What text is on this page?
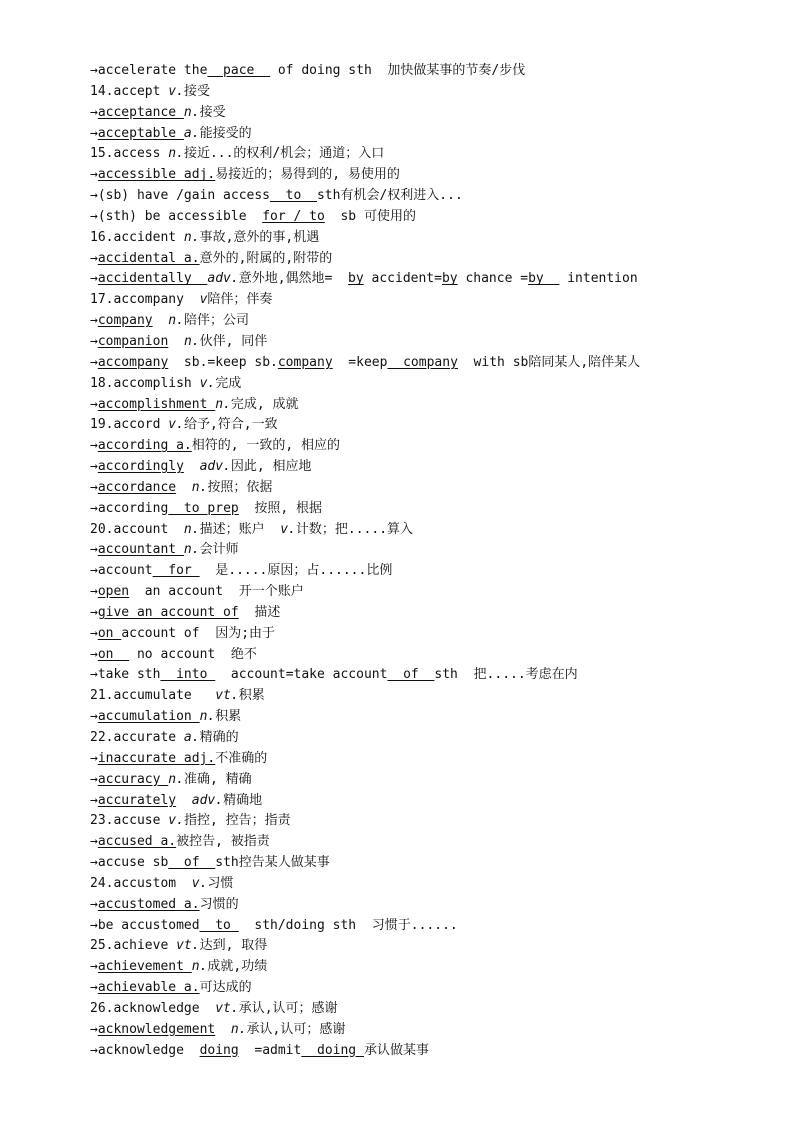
→accelerate the  pace   of doing sth  加快做某事的节奏/步伐
14.accept v.接受
→acceptance n.接受
→acceptable a.能接受的
15.access n.接近...的权利/机会；通道；入口
→accessible adj.易接近的；易得到的, 易使用的
→(sb) have /gain access  to  sth有机会/权利进入...
→(sth) be accessible  for / to  sb 可使用的
16.accident n.事故,意外的事,机遇
→accidental a.意外的,附属的,附带的
→accidentally  adv.意外地,偶然地=  by accident=by chance =by   intention
17.accompany  v陪伴；伴奏
→company n.陪伴；公司
→companion n.伙伴, 同伴
→accompany  sb.=keep sb.company  =keep  company  with sb陪同某人,陪伴某人
18.accomplish v.完成
→accomplishment n.完成, 成就
19.accord v.给予,符合,一致
→according a.相符的, 一致的, 相应的
→accordingly adv.因此, 相应地
→accordance n.按照；依据
→according  to prep  按照, 根据
20.account  n.描述；账户  v.计数；把.....算入
→accountant n.会计师
→account  for   是.....原因；占......比例
→open  an account  开一个账户
→give an account of  描述
→on account of  因为;由于
→on   no account  绝不
→take sth  into   account=take account  of  sth  把.....考虑在内
21.accumulate   vt.积累
→accumulation n.积累
22.accurate a.精确的
→inaccurate adj.不准确的
→accuracy n.准确, 精确
→accurately adv.精确地
23.accuse v.指控, 控告；指责
→accused a.被控告, 被指责
→accuse sb  of  sth控告某人做某事
24.accustom  v.习惯
→accustomed a.习惯的
→be accustomed  to   sth/doing sth  习惯于......
25.achieve vt.达到, 取得
→achievement n.成就,功绩
→achievable a.可达成的
26.acknowledge  vt.承认,认可；感谢
→acknowledgement n.承认,认可；感谢
→acknowledge  doing  =admit  doing 承认做某事
